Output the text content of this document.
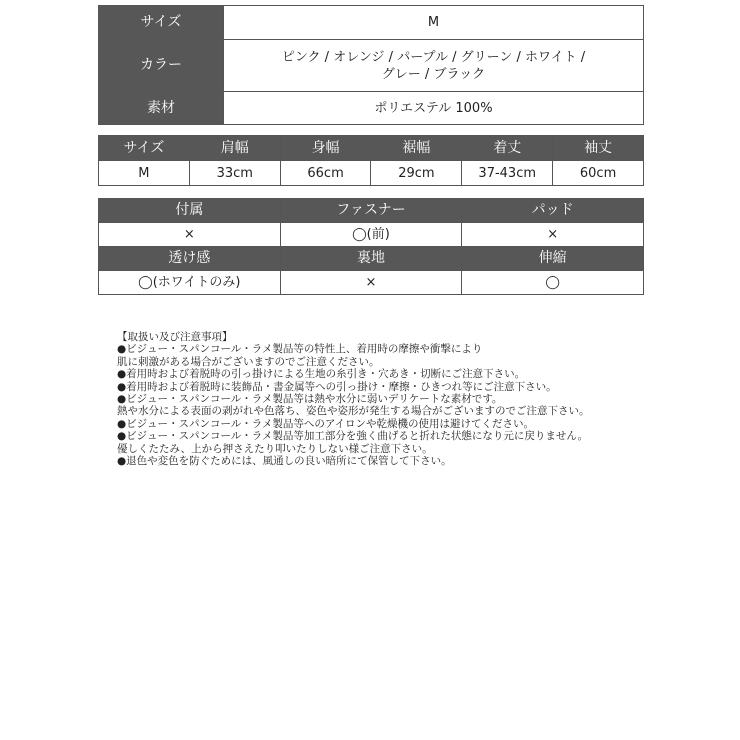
サイズ	M
カラー	ピンク / オレンジ / パープル / グリーン / ホワイト /
グレー / ブラック

素材	ポリエステル 100%
サイズ	肩幅	身幅	裾幅	着丈	袖丈
M	33cm	66cm	29cm	37-43cm	60cm
付属	ファスナー	パッド
×	◯(前)	×
透け感	裏地	伸縮
◯(ホワイトのみ)	×	◯
【取扱い及び注意事項】
●ビジュー・スパンコール・ラメ製品等の特性上、着用時の摩擦や衝撃により
肌に刺激がある場合がございますのでご注意ください。
●着用時および着脱時の引っ掛けによる生地の糸引き・穴あき・切断にご注意下さい。
●着用時および着脱時に装飾品・書金属等への引っ掛け・摩擦・ひきつれ等にご注意下さい。
●ビジュー・スパンコール・ラメ製品等は熱や水分に弱いデリケートな素材です。
熱や水分による表面の剥がれや色落ち、姿色や姿形が発生する場合がございますのでご注意下さい。
●ビジュー・スパンコール・ラメ製品等へのアイロンや乾燥機の使用は避けてください。
●ビジュー・スパンコール・ラメ製品等加工部分を強く曲げると折れた状態になり元に戻りません。
優しくたたみ、上から押さえたり叩いたりしない様ご注意下さい。
●退色や変色を防ぐためには、風通しの良い暗所にて保管して下さい。
